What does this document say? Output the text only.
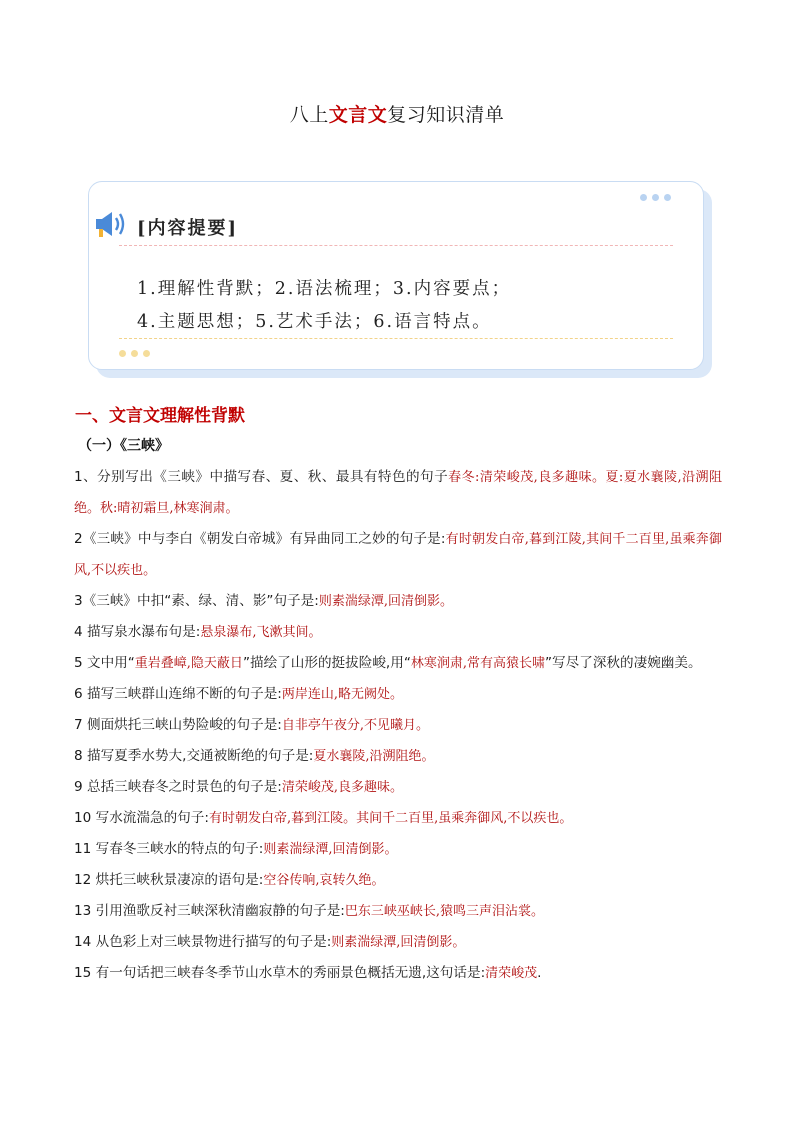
八上文言文复习知识清单
[内容提要]
1.理解性背默；2.语法梳理；3.内容要点；
4.主题思想；5.艺术手法；6.语言特点。
一、文言文理解性背默
（一）《三峡》
1、分别写出《三峡》中描写春、夏、秋、最具有特色的句子春冬:清荣峻茂,良多趣味。夏:夏水襄陵,沿溯阻绝。秋:晴初霜旦,林寒涧肃。
2《三峡》中与李白《朝发白帝城》有异曲同工之妙的句子是:有时朝发白帝,暮到江陵,其间千二百里,虽乘奔御风,不以疾也。
3《三峡》中扣“素、绿、清、影”句子是:则素湍绿潭,回清倒影。
4 描写泉水瀑布句是:悬泉瀑布,飞漱其间。
5 文中用“重岩叠嶂,隐天蔽日”描绘了山形的挺拔险峻,用“林寒涧肃,常有高猿长啸”写尽了深秋的凄婉幽美。
6 描写三峡群山连绵不断的句子是:两岸连山,略无阙处。
7 侧面烘托三峡山势险峻的句子是:自非亭午夜分,不见曦月。
8 描写夏季水势大,交通被断绝的句子是:夏水襄陵,沿溯阻绝。
9 总括三峡春冬之时景色的句子是:清荣峻茂,良多趣味。
10 写水流湍急的句子:有时朝发白帝,暮到江陵。其间千二百里,虽乘奔御风,不以疾也。
11 写春冬三峡水的特点的句子:则素湍绿潭,回清倒影。
12 烘托三峡秋景凄凉的语句是:空谷传响,哀转久绝。
13 引用渔歌反衬三峡深秋清幽寂静的句子是:巴东三峡巫峡长,猿鸣三声泪沾裳。
14 从色彩上对三峡景物进行描写的句子是:则素湍绿潭,回清倒影。
15 有一句话把三峡春冬季节山水草木的秀丽景色概括无遗,这句话是:清荣峻茂.
